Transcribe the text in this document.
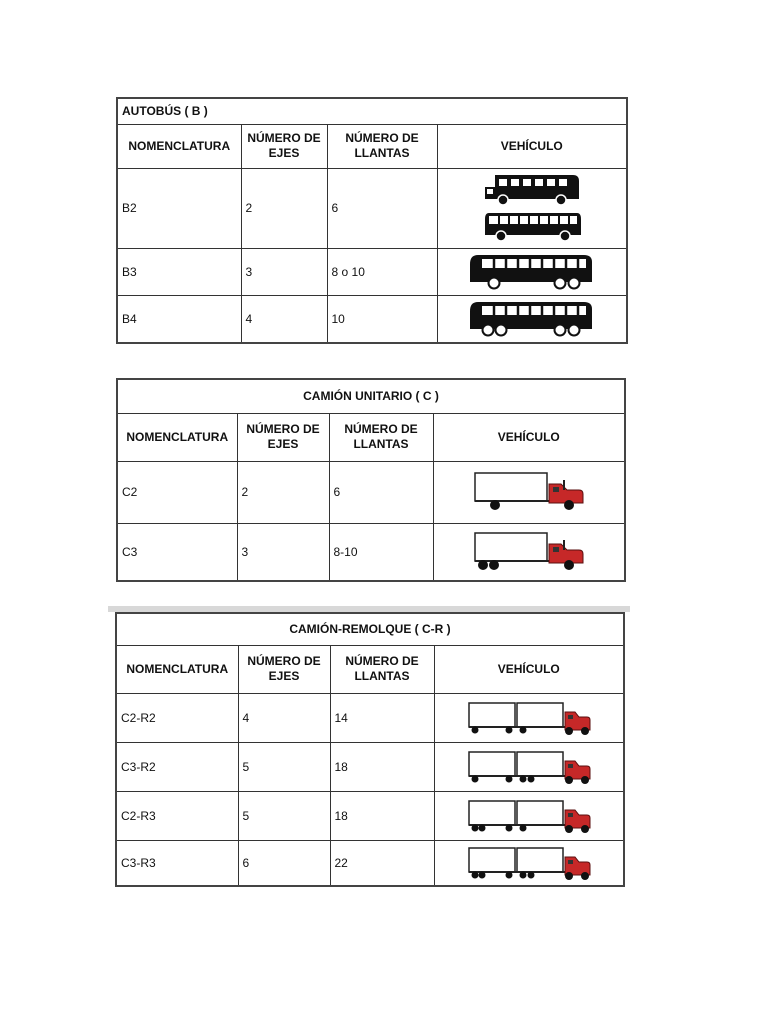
AUTOBÚS ( B )			
NOMENCLATURA	NÚMERO DE EJES	NÚMERO DE LLANTAS	VEHÍCULO
B2	2	6	

B3	3	8 o 10	

B4	4	10	
CAMIÓN UNITARIO ( C )			
NOMENCLATURA	NÚMERO DE EJES	NÚMERO DE LLANTAS	VEHÍCULO
C2	2	6	

C3	3	8-10	
CAMIÓN-REMOLQUE ( C-R )			
NOMENCLATURA	NÚMERO DE EJES	NÚMERO DE LLANTAS	VEHÍCULO
C2-R2	4	14	

C3-R2	5	18	

C2-R3	5	18	

C3-R3	6	22	
